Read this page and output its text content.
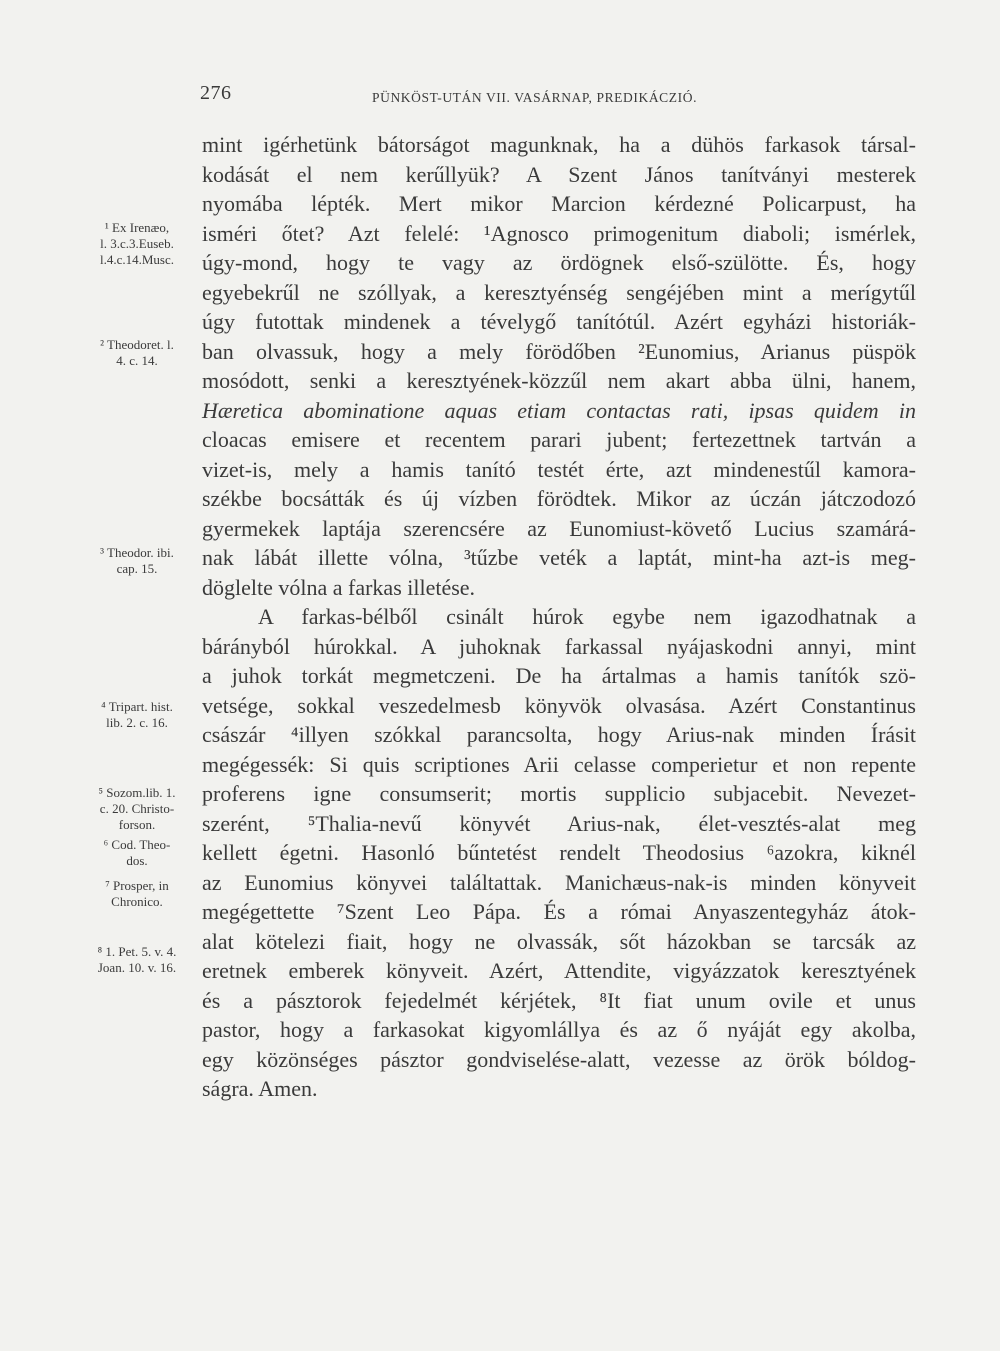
276	PÜNKÖST-UTÁN VII. VASÁRNAP, PREDIKÁCZIÓ.
mint igérhetünk bátorságot magunknak, ha a dühös farkasok társal-
kodását el nem kerűllyük? A Szent János tanítványi mesterek
nyomába lépték. Mert mikor Marcion kérdezné Policarpust, ha
ismérі őtet? Azt felelé: ¹Agnosco primogenitum diaboli; ismérlek,
úgy-mond, hogy te vagy az ördögnek első-szülötte. És, hogy
egyebekrűl ne szóllyak, a keresztyénség sengéjében mint a merígytűl
úgy futottak mindenek a tévelygő tanítótúl. Azért egyházi historiák-
ban olvassuk, hogy a mely förödőben ²Eunomius, Arianus püspök
mosódott, senki a keresztyének-közzűl nem akart abba ülni, hanem,
Hæretica abominatione aquas etiam contactas rati, ipsas quidem in
cloacas emisere et recentem parari jubent; fertezettnek tartván a
vizet-is, mely a hamis tanító testét érte, azt mindenestűl kamora-
székbe bocsátták és új vízben förödtek. Mikor az úczán játczodozó
gyermekek laptája szerencsére az Eunomiust-követő Lucius szamárá-
nak lábát illette vólna, ³tűzbe veték a laptát, mint-ha azt-is meg-
döglelte vólna a farkas illetése.
A farkas-bélből csinált húrok egybe nem igazodhatnak a
bárányból húrokkal. A juhoknak farkassal nyájaskodni annyi, mint
a juhok torkát megmetczeni. De ha ártalmas a hamis tanítók szö-
vetsége, sokkal veszedelmesb könyvök olvasása. Azért Constantinus
császár ⁴illyen szókkal parancsolta, hogy Arius-nak minden Írásit
megégessék: Si quis scriptiones Arii celasse comperietur et non repente
proferens igne consumserit; mortis supplicio subjacebit. Nevezet-
szerént, ⁵Thalia-nevű könyvét Arius-nak, élet-vesztés-alat meg
kellett égetni. Hasonló bűntetést rendelt Theodosius ⁶azokra, kiknél
az Eunomius könyvei találtattak. Manichæus-nak-is minden könyveit
megégettette ⁷Szent Leo Pápa. És a római Anyaszentegyház átok-
alat kötelezi fiait, hogy ne olvassák, sőt házokban se tarcsák az
eretnek emberek könyveit. Azért, Attendite, vigyázzatok keresztyének
és a pásztorok fejedelmét kérjétek, ⁸It fiat unum ovile et unus
pastor, hogy a farkasokat kigyomlállya és az ő nyáját egy akolba,
egy közönséges pásztor gondviselése-alatt, vezesse az örök bóldog-
ságra. Amen.
¹ Ex Irenæo,
l. 3.c.3.Euseb.
l.4.c.14.Musc.
² Theodoret. l.
4. c. 14.
³ Theodor. ibi.
cap. 15.
⁴ Tripart. hist.
lib. 2. c. 16.
⁵ Sozom.lib. 1.
c. 20. Christo-
forson.
⁶ Cod. Theo-
dos.
⁷ Prosper, in
Chronico.
⁸ 1. Pet. 5. v. 4.
Joan. 10. v. 16.
